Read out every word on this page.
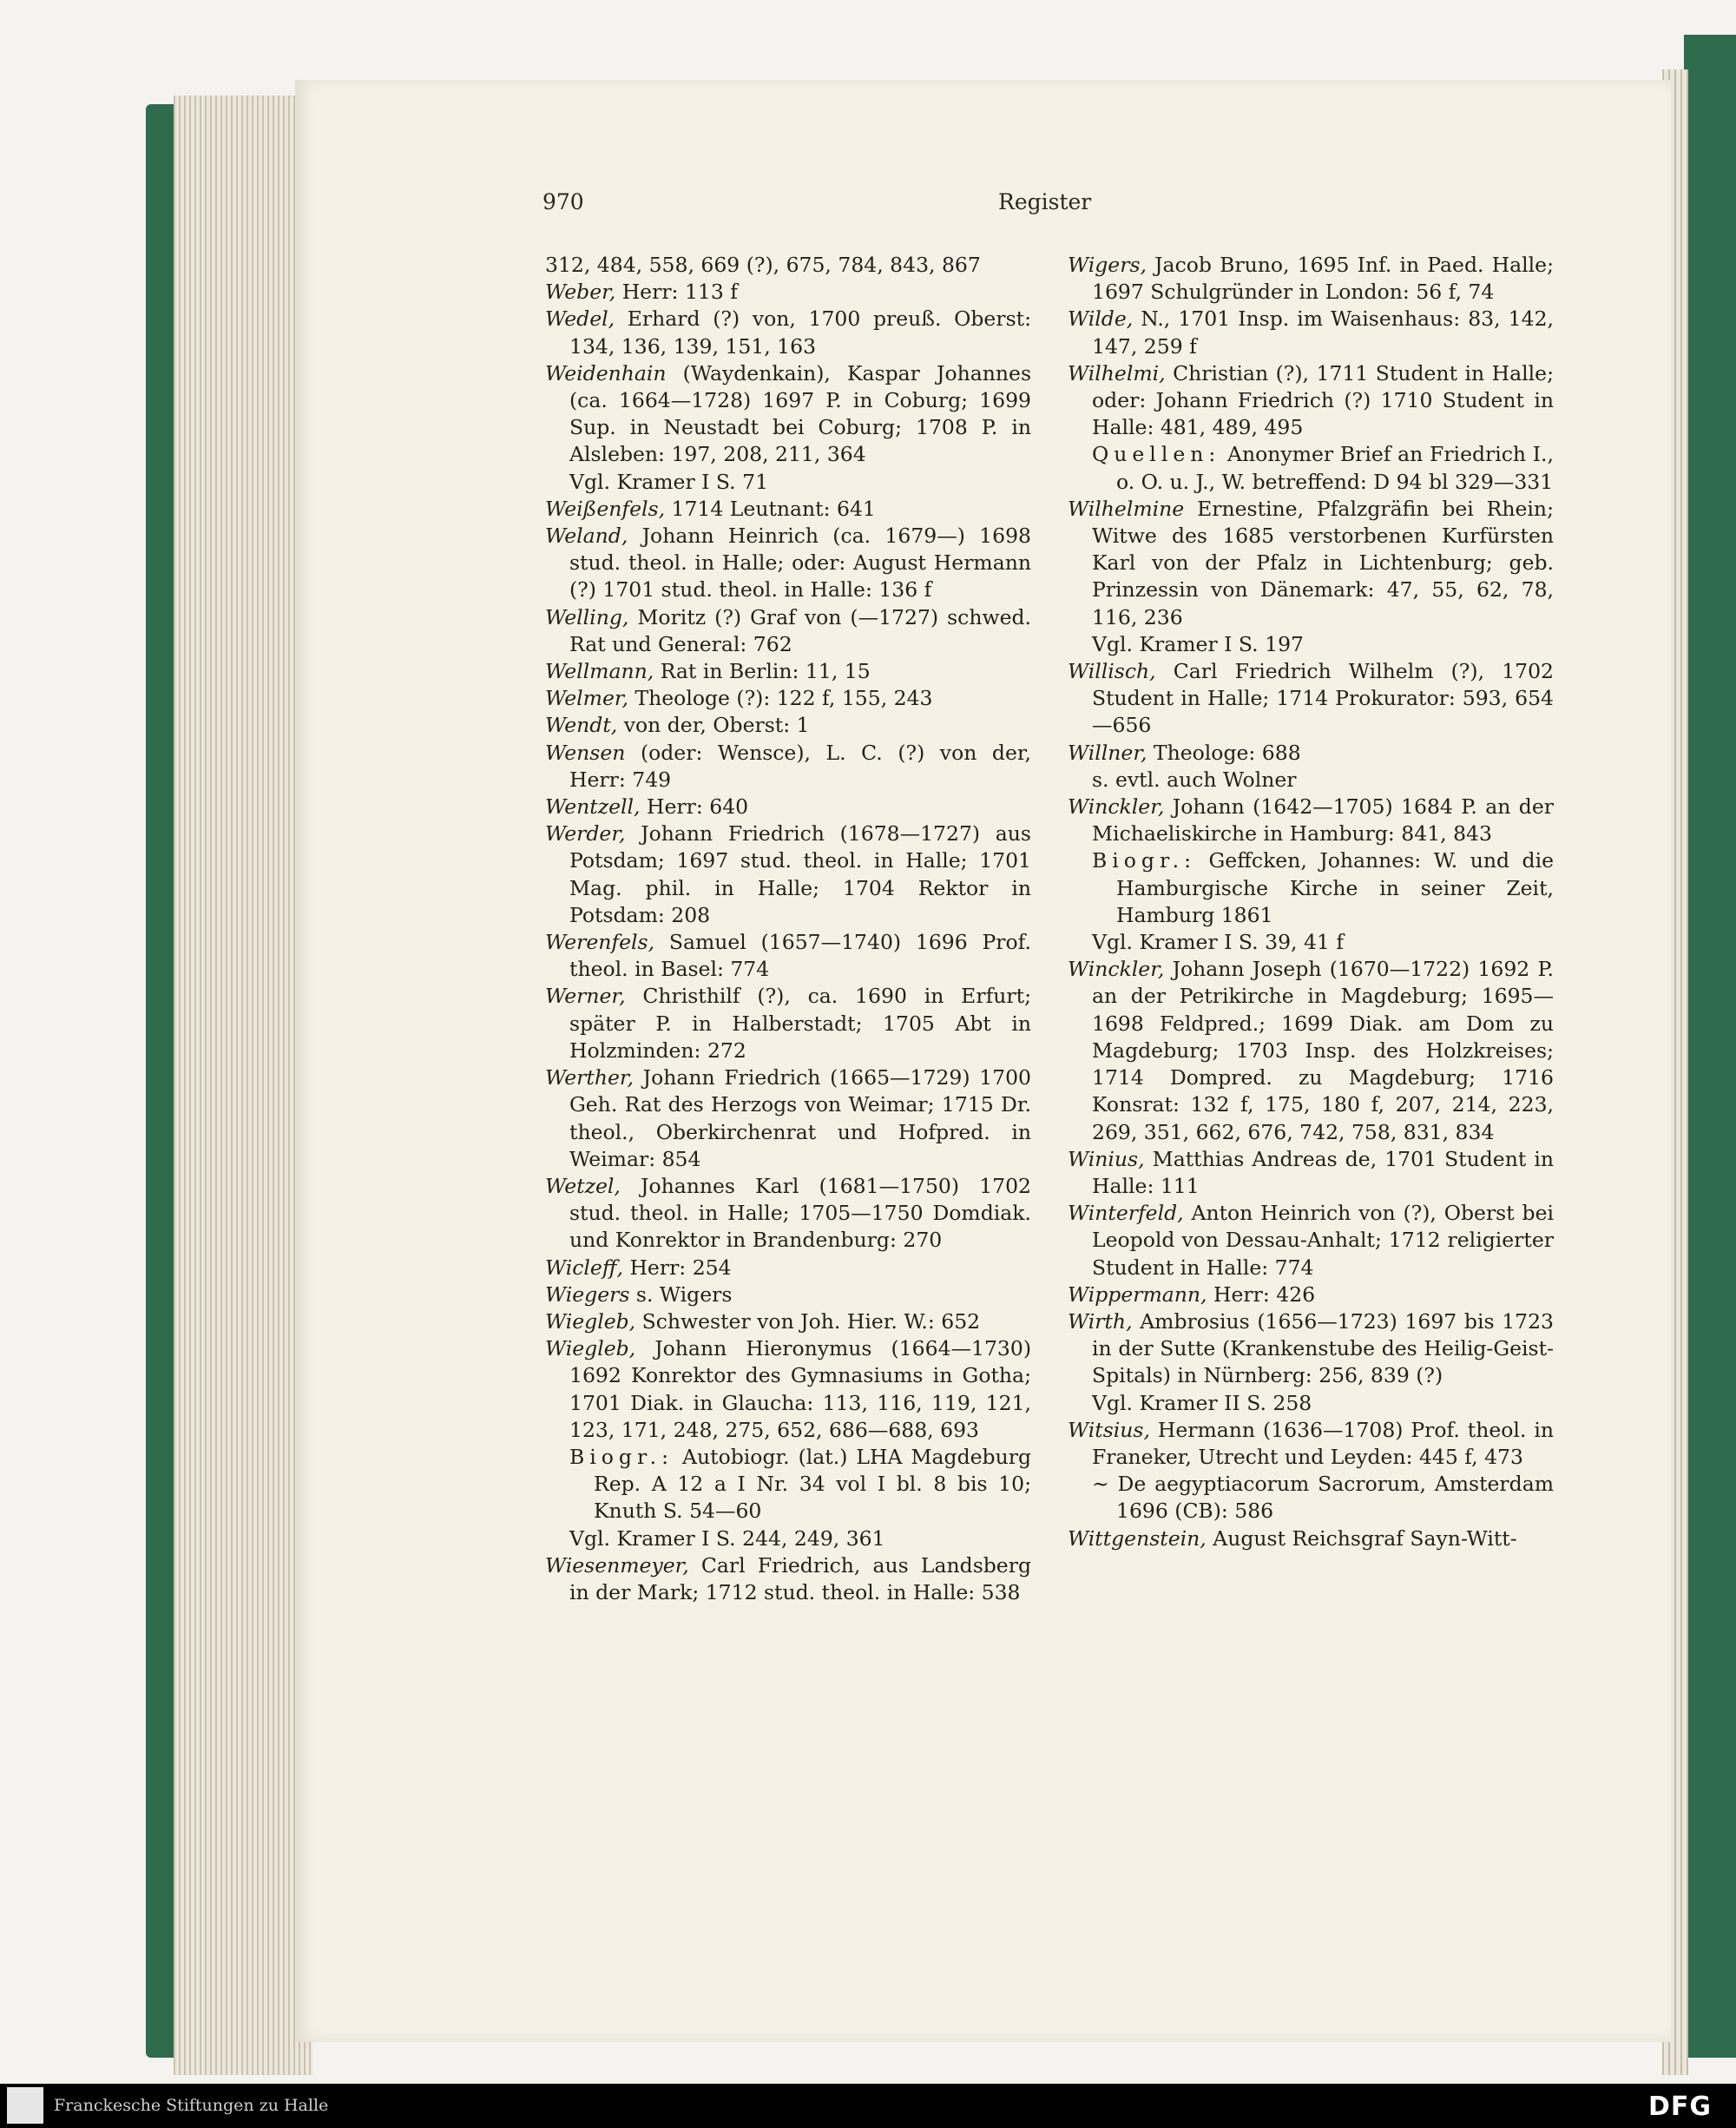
970	Register
312, 484, 558, 669 (?), 675, 784, 843, 867
Weber, Herr: 113 f
Wedel, Erhard (?) von, 1700 preuß. Oberst: 134, 136, 139, 151, 163
Weidenhain (Waydenkain), Kaspar Johannes (ca. 1664—1728) 1697 P. in Coburg; 1699 Sup. in Neustadt bei Coburg; 1708 P. in Alsleben: 197, 208, 211, 364
Vgl. Kramer I S. 71
Weißenfels, 1714 Leutnant: 641
Weland, Johann Heinrich (ca. 1679—) 1698 stud. theol. in Halle; oder: August Hermann (?) 1701 stud. theol. in Halle: 136 f
Welling, Moritz (?) Graf von (—1727) schwed. Rat und General: 762
Wellmann, Rat in Berlin: 11, 15
Welmer, Theologe (?): 122 f, 155, 243
Wendt, von der, Oberst: 1
Wensen (oder: Wensce), L. C. (?) von der, Herr: 749
Wentzell, Herr: 640
Werder, Johann Friedrich (1678—1727) aus Potsdam; 1697 stud. theol. in Halle; 1701 Mag. phil. in Halle; 1704 Rektor in Potsdam: 208
Werenfels, Samuel (1657—1740) 1696 Prof. theol. in Basel: 774
Werner, Christhilf (?), ca. 1690 in Erfurt; später P. in Halberstadt; 1705 Abt in Holzminden: 272
Werther, Johann Friedrich (1665—1729) 1700 Geh. Rat des Herzogs von Weimar; 1715 Dr. theol., Oberkirchenrat und Hofpred. in Weimar: 854
Wetzel, Johannes Karl (1681—1750) 1702 stud. theol. in Halle; 1705—1750 Domdiak. und Konrektor in Brandenburg: 270
Wicleff, Herr: 254
Wiegers s. Wigers
Wiegleb, Schwester von Joh. Hier. W.: 652
Wiegleb, Johann Hieronymus (1664—1730) 1692 Konrektor des Gymnasiums in Gotha; 1701 Diak. in Glaucha: 113, 116, 119, 121, 123, 171, 248, 275, 652, 686—688, 693
Biogr.: Autobiogr. (lat.) LHA Magdeburg Rep. A 12 a I Nr. 34 vol I bl. 8 bis 10; Knuth S. 54—60
Vgl. Kramer I S. 244, 249, 361
Wiesenmeyer, Carl Friedrich, aus Landsberg in der Mark; 1712 stud. theol. in Halle: 538
Wigers, Jacob Bruno, 1695 Inf. in Paed. Halle; 1697 Schulgründer in London: 56 f, 74
Wilde, N., 1701 Insp. im Waisenhaus: 83, 142, 147, 259 f
Wilhelmi, Christian (?), 1711 Student in Halle; oder: Johann Friedrich (?) 1710 Student in Halle: 481, 489, 495
Quellen: Anonymer Brief an Friedrich I., o. O. u. J., W. betreffend: D 94 bl 329—331
Wilhelmine Ernestine, Pfalzgräfin bei Rhein; Witwe des 1685 verstorbenen Kurfürsten Karl von der Pfalz in Lichtenburg; geb. Prinzessin von Dänemark: 47, 55, 62, 78, 116, 236
Vgl. Kramer I S. 197
Willisch, Carl Friedrich Wilhelm (?), 1702 Student in Halle; 1714 Prokurator: 593, 654—656
Willner, Theologe: 688
s. evtl. auch Wolner
Winckler, Johann (1642—1705) 1684 P. an der Michaeliskirche in Hamburg: 841, 843
Biogr.: Geffcken, Johannes: W. und die Hamburgische Kirche in seiner Zeit, Hamburg 1861
Vgl. Kramer I S. 39, 41 f
Winckler, Johann Joseph (1670—1722) 1692 P. an der Petrikirche in Magdeburg; 1695—1698 Feldpred.; 1699 Diak. am Dom zu Magdeburg; 1703 Insp. des Holzkreises; 1714 Dompred. zu Magdeburg; 1716 Konsrat: 132 f, 175, 180 f, 207, 214, 223, 269, 351, 662, 676, 742, 758, 831, 834
Winius, Matthias Andreas de, 1701 Student in Halle: 111
Winterfeld, Anton Heinrich von (?), Oberst bei Leopold von Dessau-Anhalt; 1712 religierter Student in Halle: 774
Wippermann, Herr: 426
Wirth, Ambrosius (1656—1723) 1697 bis 1723 in der Sutte (Krankenstube des Heilig-Geist-Spitals) in Nürnberg: 256, 839 (?)
Vgl. Kramer II S. 258
Witsius, Hermann (1636—1708) Prof. theol. in Franeker, Utrecht und Leyden: 445 f, 473
∼ De aegyptiacorum Sacrorum, Amsterdam 1696 (CB): 586
Wittgenstein, August Reichsgraf Sayn-Witt-
Franckesche Stiftungen zu Halle	DFG
